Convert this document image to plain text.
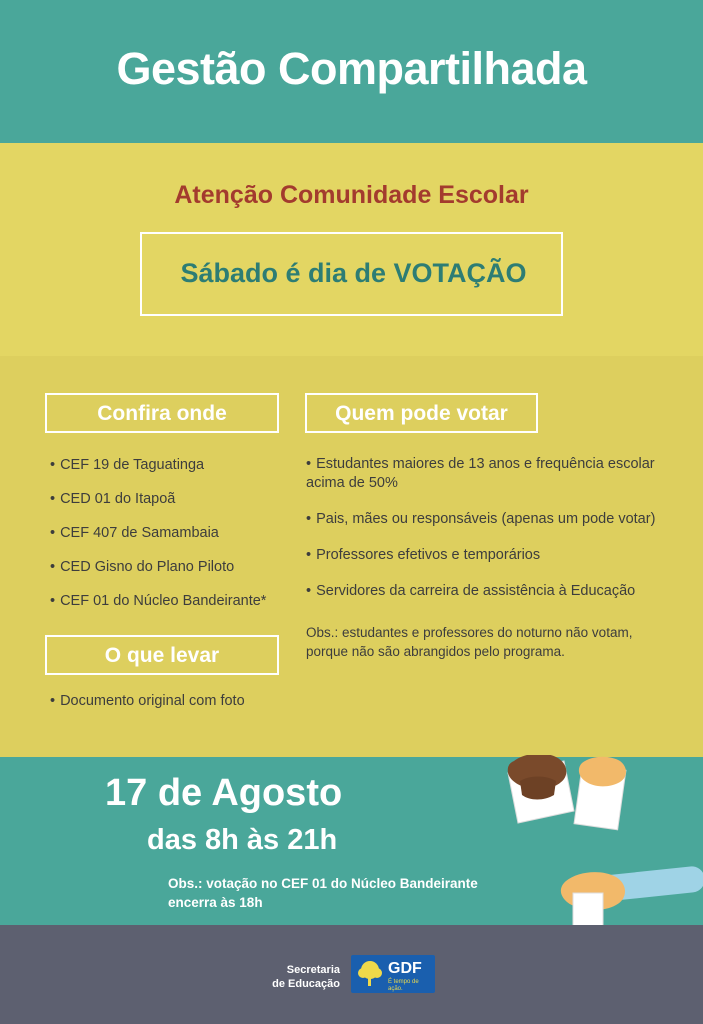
Gestão Compartilhada
Atenção Comunidade Escolar
Sábado é dia de VOTAÇÃO
Confira onde
• CEF 19 de Taguatinga
• CED 01 do Itapoã
• CEF 407 de Samambaia
• CED Gisno do Plano Piloto
• CEF 01 do Núcleo Bandeirante*
Quem pode votar
• Estudantes maiores de 13 anos e frequência escolar acima de 50%
• Pais, mães ou responsáveis (apenas um pode votar)
• Professores efetivos e temporários
• Servidores da carreira de assistência à Educação
Obs.: estudantes e professores do noturno não votam, porque não são abrangidos pelo programa.
O que levar
• Documento original com foto
17 de Agosto
das 8h às 21h
Obs.: votação no CEF 01 do Núcleo Bandeirante encerra às 18h
Secretaria
de Educação
GDF
É tempo de ação.
